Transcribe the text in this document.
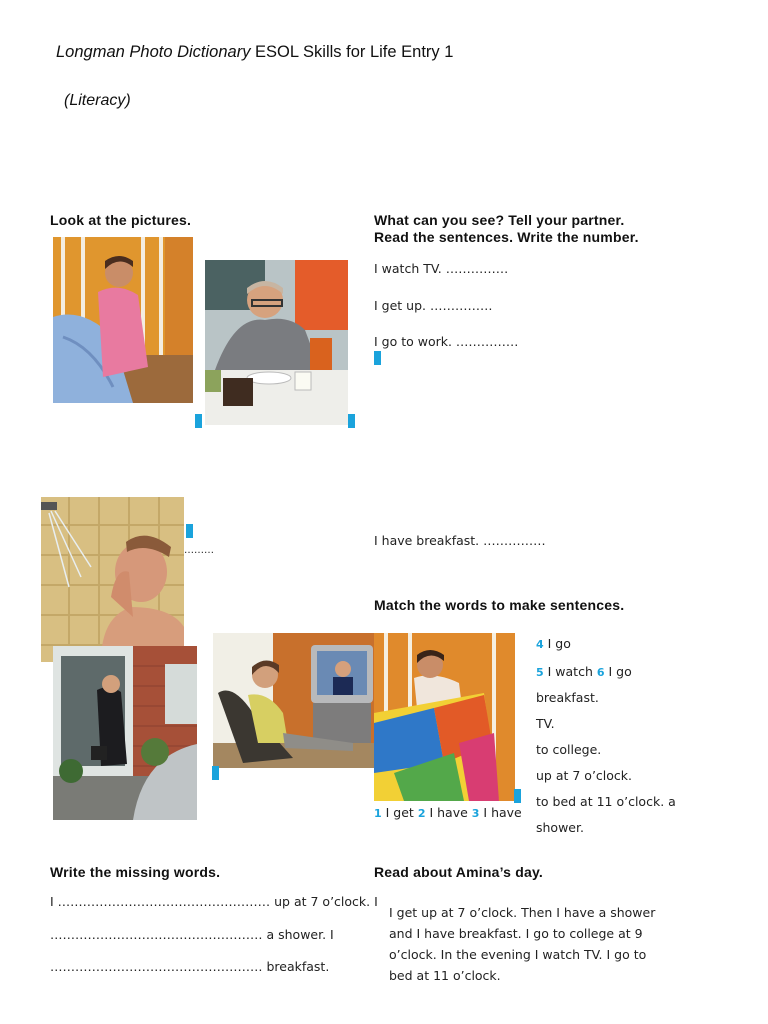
Longman Photo Dictionary ESOL Skills for Life Entry 1
(Literacy)
Look at the pictures.	What can you see? Tell your partner.
Read the sentences. Write the number.
I watch TV. ……………
I get up. ……………
I go to work. ……………
I have breakfast. ……………
………
Match the words to make sentences.
4 I go
5 I watch 6 I go
breakfast.
TV.
to college.
up at 7 o’clock.
to bed at 11 o’clock. a
shower.
1 I get 2 I have 3 I have
Write the missing words.
I …………………………………………… up at 7 o’clock. I
…………………………………………… a shower. I
…………………………………………… breakfast.
Read about Amina’s day.
I get up at 7 o’clock. Then I have a shower
and I have breakfast. I go to college at 9
o’clock. In the evening I watch TV. I go to
bed at 11 o’clock.
